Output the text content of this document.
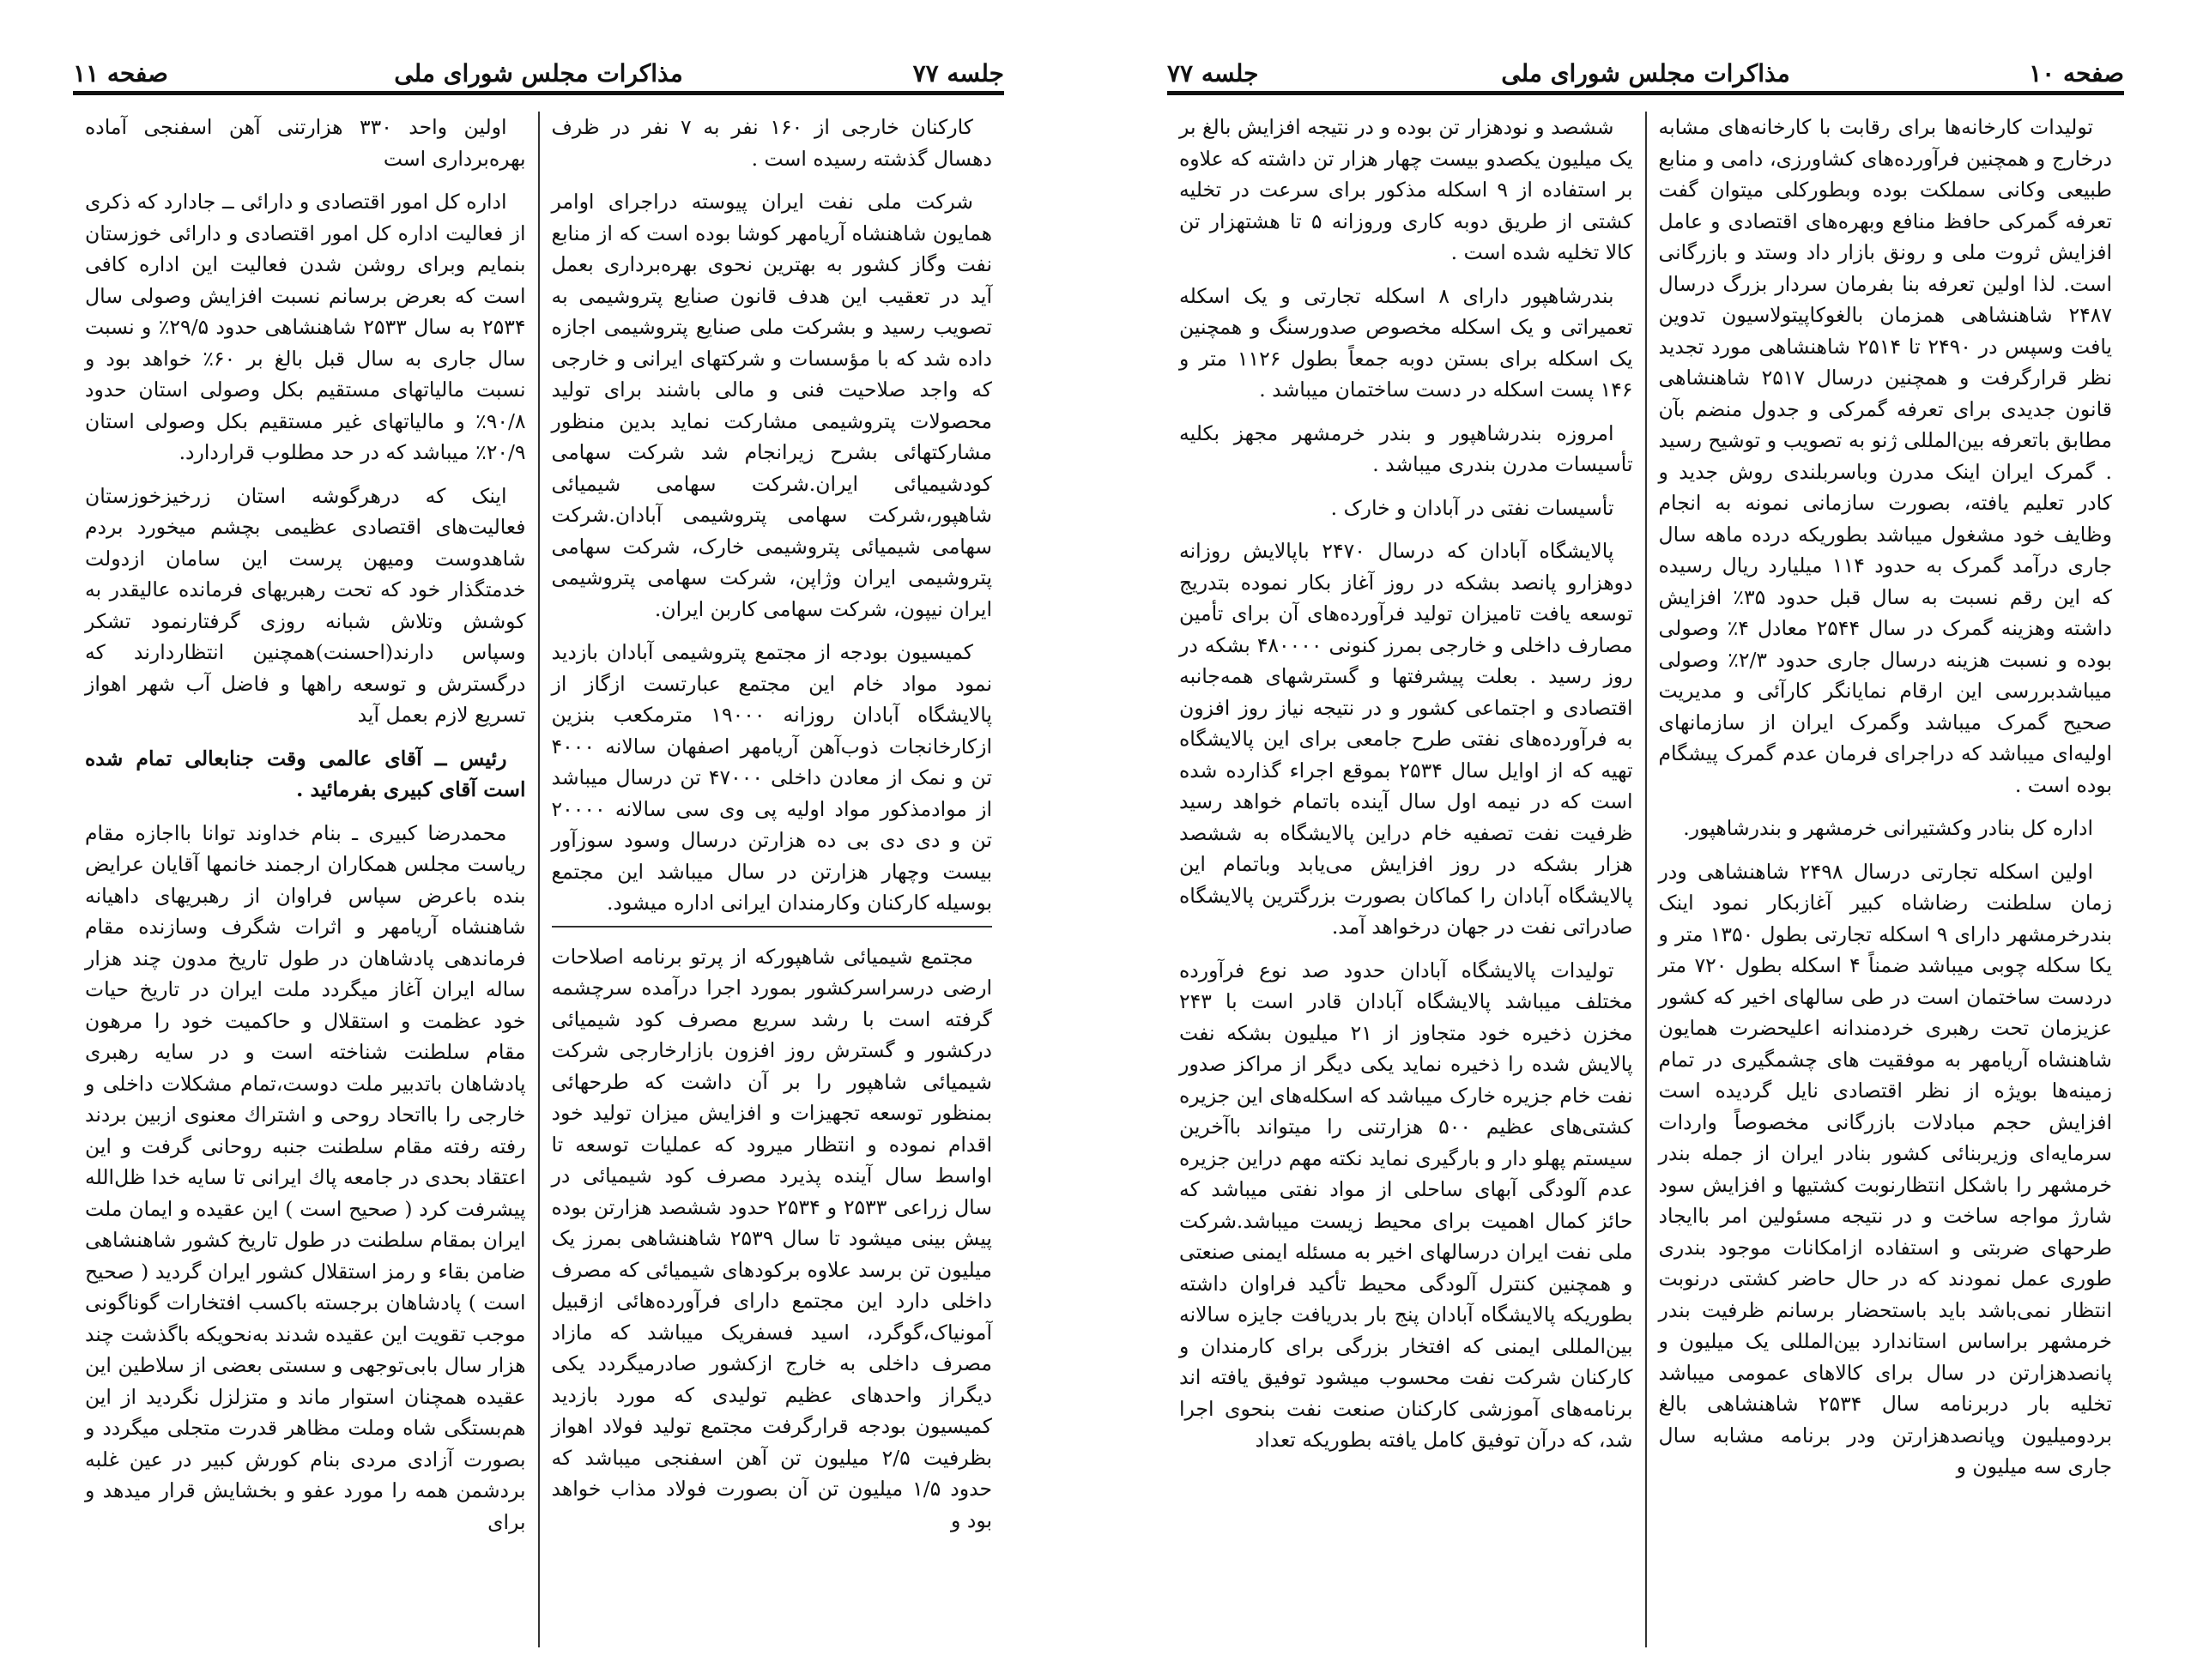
جلسه ۷۷
مذاکرات مجلس شورای ملی
صفحه ۱۱

کارکنان خارجی از ۱۶۰ نفر به ۷ نفر در ظرف دهسال گذشته رسیده است .

شرکت ملی نفت ایران پیوسته دراجرای اوامر همایون شاهنشاه آریامهر کوشا بوده است که از منابع نفت وگاز کشور به بهترین نحوی بهره‌برداری بعمل آید در تعقیب این هدف قانون صنایع پتروشیمی به تصویب رسید و بشرکت ملی صنایع پتروشیمی اجازه داده شد که با مؤسسات و شرکتهای ایرانی و خارجی که واجد صلاحیت فنی و مالی باشند برای تولید محصولات پتروشیمی مشارکت نماید بدین منظور مشارکتهائی بشرح زیرانجام شد شرکت سهامی کودشیمیائی ایران.شرکت سهامی شیمیائی شاهپور،شرکت سهامی پتروشیمی آبادان.شرکت سهامی شیمیائی پتروشیمی خارک، شرکت سهامی پتروشیمی ایران وژاپن، شرکت سهامی پتروشیمی ایران نیپون، شرکت سهامی کاربن ایران.

کمیسیون بودجه از مجتمع پتروشیمی آبادان بازدید نمود مواد خام این مجتمع عبارتست ازگاز از پالایشگاه آبادان روزانه ۱۹۰۰۰ مترمکعب بنزین ازکارخانجات ذوب‌آهن آریامهر اصفهان سالانه ۴۰۰۰ تن و نمک از معادن داخلی ۴۷۰۰۰ تن درسال میباشد از موادمذکور مواد اولیه پی وی سی سالانه ۲۰۰۰۰ تن و دی دی بی ده هزارتن درسال وسود سوزآور بیست وچهار هزارتن در سال میباشد این مجتمع بوسیله کارکنان وکارمندان ایرانی اداره میشود.

مجتمع شیمیائی شاهپورکه از پرتو برنامه اصلاحات ارضی درسراسرکشور بمورد اجرا درآمده سرچشمه گرفته است با رشد سریع مصرف کود شیمیائی درکشور و گسترش روز افزون بازارخارجی شرکت شیمیائی شاهپور را بر آن داشت که طرحهائی بمنظور توسعه تجهیزات و افزایش میزان تولید خود اقدام نموده و انتظار میرود که عملیات توسعه تا اواسط سال آینده پذیرد مصرف کود شیمیائی در سال زراعی ۲۵۳۳ و ۲۵۳۴ حدود ششصد هزارتن بوده پیش بینی میشود تا سال ۲۵۳۹ شاهنشاهی بمرز یک میلیون تن برسد علاوه برکودهای شیمیائی که مصرف داخلی دارد این مجتمع دارای فرآورده‌هائی ازقبیل آمونیاک،گوگرد، اسید فسفریک میباشد که مازاد مصرف داخلی به خارج ازکشور صادرمیگردد یکی دیگراز واحدهای عظیم تولیدی که مورد بازدید کمیسیون بودجه قرارگرفت مجتمع تولید فولاد اهواز بظرفیت ۲/۵ میلیون تن آهن اسفنجی میباشد که حدود ۱/۵ میلیون تن آن بصورت فولاد مذاب خواهد بود و

اولین واحد ۳۳۰ هزارتنی آهن اسفنجی آماده بهره‌برداری است

اداره کل امور اقتصادی و دارائی ــ جادارد که ذکری از فعالیت اداره کل امور اقتصادی و دارائی خوزستان بنمایم وبرای روشن شدن فعالیت این اداره کافی است که بعرض برسانم نسبت افزایش وصولی سال ۲۵۳۴ به سال ۲۵۳۳ شاهنشاهی حدود ۲۹/۵٪ و نسبت سال جاری به سال قبل بالغ بر ۶۰٪ خواهد بود و نسبت مالیاتهای مستقیم بکل وصولی استان حدود ۹۰/۸٪ و مالیاتهای غیر مستقیم بکل وصولی استان ۲۰/۹٪ میباشد که در حد مطلوب قراردارد.

اینک که درهرگوشه استان زرخیزخوزستان فعالیت‌های اقتصادی عظیمی بچشم میخورد بردم شاهدوست ومیهن پرست این سامان ازدولت خدمتگذار خود که تحت رهبریهای فرمانده عالیقدر به کوشش وتلاش شبانه روزی گرفتارنمود تشکر وسپاس دارند(احسنت)همچنین انتظاردارند که درگسترش و توسعه راهها و فاضل آب شهر اهواز تسریع لازم بعمل آید

رئیس ــ آقای عالمی وقت جنابعالی تمام شده است آقای کبیری بفرمائید .

محمدرضا کبیری ـ بنام خداوند توانا بااجازه مقام ریاست مجلس همکاران ارجمند خانمها آقایان عرایض بنده باعرض سپاس فراوان از رهبریهای داهیانه شاهنشاه آریامهر و اثرات شگرف وسازنده مقام فرماندهی پادشاهان در طول تاریخ مدون چند هزار ساله ایران آغاز میگردد ملت ایران در تاریخ حیات خود عظمت و استقلال و حاکمیت خود را مرهون مقام سلطنت شناخته است و در سایه رهبری پادشاهان باتدبیر ملت دوست،تمام مشکلات داخلی و خارجی را بااتحاد روحی و اشتراك معنوی ازبین بردند رفته رفته مقام سلطنت جنبه روحانی گرفت و این اعتقاد بحدی در جامعه پاك ایرانی تا سایه خدا ظل‌الله پیشرفت کرد ( صحیح است ) این عقیده و ایمان ملت ایران بمقام سلطنت در طول تاریخ کشور شاهنشاهی ضامن بقاء و رمز استقلال کشور ایران گردید ( صحیح است ) پادشاهان برجسته باکسب افتخارات گوناگونی موجب تقویت این عقیده شدند به‌نحویکه باگذشت چند هزار سال بابی‌توجهی و سستی بعضی از سلاطین این عقیده همچنان استوار ماند و متزلزل نگردید از این هم‌بستگی شاه وملت مظاهر قدرت متجلی میگردد و بصورت آزادی مردی بنام کورش کبیر در عین غلبه بردشمن همه را مورد عفو و بخشایش قرار میدهد و برای

صفحه ۱۰
مذاکرات مجلس شورای ملی
جلسه ۷۷

تولیدات کارخانه‌ها برای رقابت با کارخانه‌های مشابه درخارج و همچنین فرآورده‌های کشاورزی، دامی و منابع طبیعی وکانی سملکت بوده وبطورکلی میتوان گفت تعرفه گمرکی حافظ منافع وبهره‌های اقتصادی و عامل افزایش ثروت ملی و رونق بازار داد وستد و بازرگانی است. لذا اولین تعرفه بنا بفرمان سردار بزرگ درسال ۲۴۸۷ شاهنشاهی همزمان بالغوکاپیتولاسیون تدوین یافت وسپس در ۲۴۹۰ تا ۲۵۱۴ شاهنشاهی مورد تجدید نظر قرارگرفت و همچنین درسال ۲۵۱۷ شاهنشاهی قانون جدیدی برای تعرفه گمرکی و جدول منضم بآن مطابق باتعرفه بین‌المللی ژنو به تصویب و توشیح رسید . گمرک ایران اینک مدرن وباسربلندی روش جدید و کادر تعلیم یافته، بصورت سازمانی نمونه به انجام وظایف خود مشغول میباشد بطوریکه درده ماهه سال جاری درآمد گمرک به حدود ۱۱۴ میلیارد ریال رسیده که این رقم نسبت به سال قبل حدود ۳۵٪ افزایش داشته وهزینه گمرک در سال ۲۵۴۴ معادل ۴٪ وصولی بوده و نسبت هزینه درسال جاری حدود ۲/۳٪ وصولی میباشدبررسی این ارقام نمایانگر کارآئی و مدیریت صحیح گمرک میباشد وگمرک ایران از سازمانهای اولیه‌ای میباشد که دراجرای فرمان عدم گمرک پیشگام بوده است .

اداره کل بنادر وکشتیرانی خرمشهر و بندرشاهپور.

اولین اسکله تجارتی درسال ۲۴۹۸ شاهنشاهی ودر زمان سلطنت رضاشاه کبیر آغازبکار نمود اینک بندرخرمشهر دارای ۹ اسکله تجارتی بطول ۱۳۵۰ متر و یکا سکله چوبی میباشد ضمناً ۴ اسکله بطول ۷۲۰ متر دردست ساختمان است در طی سالهای اخیر که کشور عزیزمان تحت رهبری خردمندانه اعلیحضرت همایون شاهنشاه آریامهر به موفقیت های چشمگیری در تمام زمینه‌ها بویژه از نظر اقتصادی نایل گردیده است افزایش حجم مبادلات بازرگانی مخصوصاً واردات سرمایه‌ای وزیربنائی کشور بنادر ایران از جمله بندر خرمشهر را باشکل انتظارنوبت کشتیها و افزایش سود شارژ مواجه ساخت و در نتیجه مسئولین امر باایجاد طرحهای ضربتی و استفاده ازامکانات موجود بندری طوری عمل نمودند که در حال حاضر کشتی درنوبت انتظار نمی‌باشد باید باستحضار برسانم ظرفیت بندر خرمشهر براساس استاندارد بین‌المللی یک میلیون و پانصدهزارتن در سال برای کالاهای عمومی میباشد تخلیه بار دربرنامه سال ۲۵۳۴ شاهنشاهی بالغ بردومیلیون وپانصدهزارتن ودر برنامه مشابه سال جاری سه میلیون و

ششصد و نودهزار تن بوده و در نتیجه افزایش بالغ بر یک میلیون یکصدو بیست چهار هزار تن داشته که علاوه بر استفاده از ۹ اسکله مذکور برای سرعت در تخلیه کشتی از طریق دوبه کاری وروزانه ۵ تا هشتهزار تن کالا تخلیه شده است .

بندرشاهپور دارای ۸ اسکله تجارتی و یک اسکله تعمیراتی و یک اسکله مخصوص صدورسنگ و همچنین یک اسکله برای بستن دوبه جمعاً بطول ۱۱۲۶ متر و ۱۴۶ پست اسکله در دست ساختمان میباشد .

امروزه بندرشاهپور و بندر خرمشهر مجهز بکلیه تأسیسات مدرن بندری میباشد .

تأسیسات نفتی در آبادان و خارک .

پالایشگاه آبادان که درسال ۲۴۷۰ باپالایش روزانه دوهزارو پانصد بشکه در روز آغاز بکار نموده بتدریج توسعه یافت تامیزان تولید فرآورده‌های آن برای تأمین مصارف داخلی و خارجی بمرز کنونی ۴۸۰۰۰۰ بشکه در روز رسید . بعلت پیشرفتها و گسترشهای همه‌جانبه اقتصادی و اجتماعی کشور و در نتیجه نیاز روز افزون به فرآورده‌های نفتی طرح جامعی برای این پالایشگاه تهیه که از اوایل سال ۲۵۳۴ بموقع اجراء گذارده شده است که در نیمه اول سال آینده باتمام خواهد رسید ظرفیت نفت تصفیه خام دراین پالایشگاه به ششصد هزار بشکه در روز افزایش می‌یابد وباتمام این پالایشگاه آبادان را کماکان بصورت بزرگترین پالایشگاه صادراتی نفت در جهان درخواهد آمد.

تولیدات پالایشگاه آبادان حدود صد نوع فرآورده مختلف میباشد پالایشگاه آبادان قادر است با ۲۴۳ مخزن ذخیره خود متجاوز از ۲۱ میلیون بشکه نفت پالایش شده را ذخیره نماید یکی دیگر از مراکز صدور نفت خام جزیره خارک میباشد که اسکله‌های این جزیره کشتی‌های عظیم ۵۰۰ هزارتنی را میتواند باآخرین سیستم پهلو دار و بارگیری نماید نکته مهم دراین جزیره عدم آلودگی آبهای ساحلی از مواد نفتی میباشد که حائز کمال اهمیت برای محیط زیست میباشد.شرکت ملی نفت ایران درسالهای اخیر به مسئله ایمنی صنعتی و همچنین کنترل آلودگی محیط تأکید فراوان داشته بطوریکه پالایشگاه آبادان پنج بار بدریافت جایزه سالانه بین‌المللی ایمنی که افتخار بزرگی برای کارمندان و کارکنان شرکت نفت محسوب میشود توفیق یافته اند برنامه‌های آموزشی کارکنان صنعت نفت بنحوی اجرا شد، که درآن توفیق کامل یافته بطوریکه تعداد
